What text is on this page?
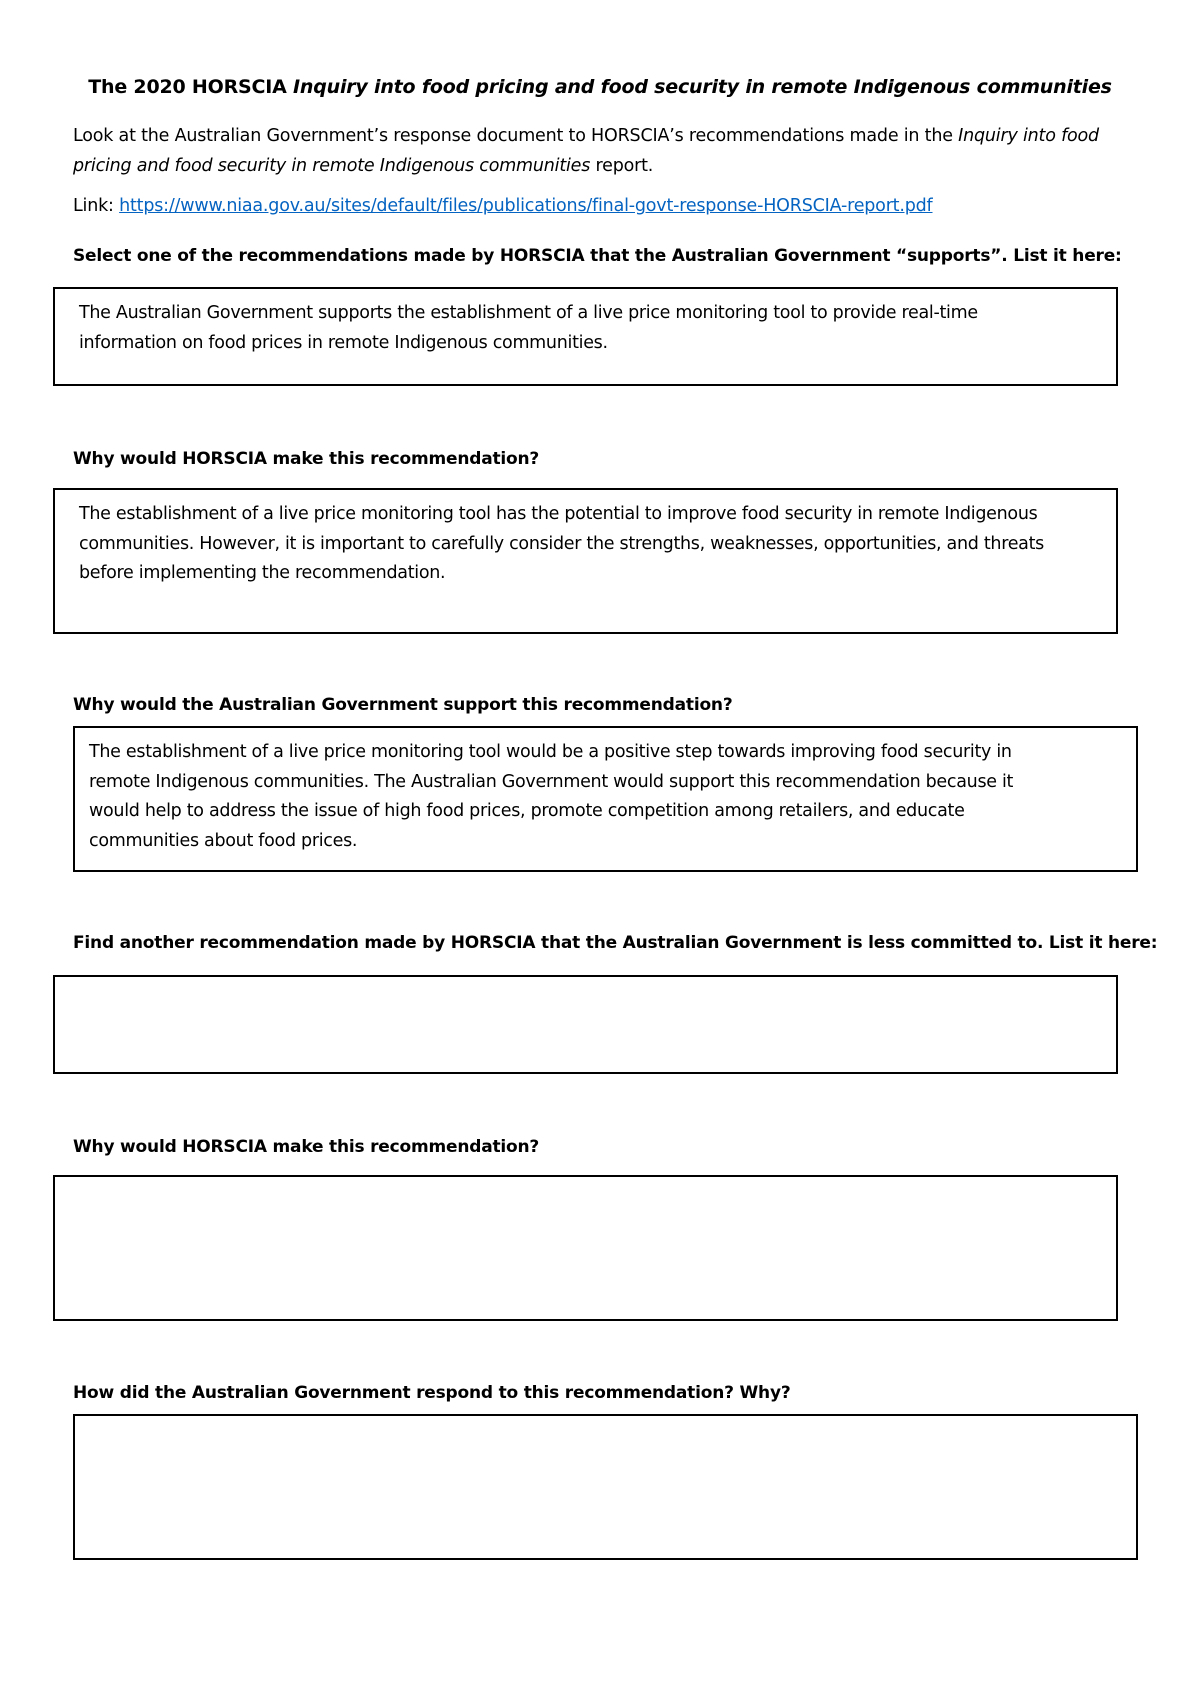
The 2020 HORSCIA Inquiry into food pricing and food security in remote Indigenous communities
Look at the Australian Government’s response document to HORSCIA’s recommendations made in the Inquiry into food pricing and food security in remote Indigenous communities report.
Link: https://www.niaa.gov.au/sites/default/files/publications/final-govt-response-HORSCIA-report.pdf
Select one of the recommendations made by HORSCIA that the Australian Government “supports”. List it here:

The Australian Government supports the establishment of a live price monitoring tool to provide real-time
information on food prices in remote Indigenous communities.

Why would HORSCIA make this recommendation?

The establishment of a live price monitoring tool has the potential to improve food security in remote Indigenous
communities. However, it is important to carefully consider the strengths, weaknesses, opportunities, and threats
before implementing the recommendation.

Why would the Australian Government support this recommendation?

The establishment of a live price monitoring tool would be a positive step towards improving food security in
remote Indigenous communities. The Australian Government would support this recommendation because it
would help to address the issue of high food prices, promote competition among retailers, and educate
communities about food prices.

Find another recommendation made by HORSCIA that the Australian Government is less committed to. List it here:

Why would HORSCIA make this recommendation?

How did the Australian Government respond to this recommendation? Why?
